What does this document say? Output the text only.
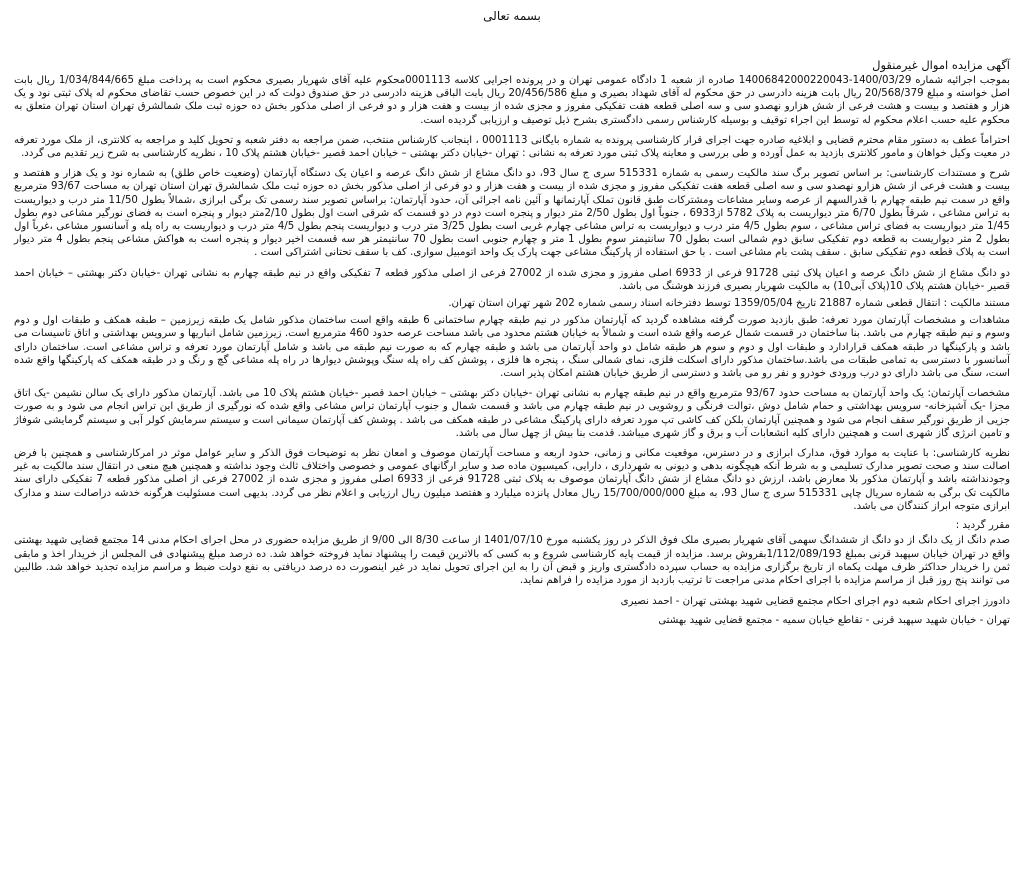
بسمه تعالی
آگهی مزایده اموال غیرمنقول

بموجب اجرائیه شماره 1400/03/29-14006842000220043 صادره از شعبه 1 دادگاه عمومی تهران و در پرونده اجرایی کلاسه 0001113محکوم علیه آقای شهریار بصیری محکوم است به پرداخت مبلغ 1/034/844/665 ریال بابت اصل خواسته و مبلغ 20/568/379 ریال بابت هزینه دادرسی در حق محکوم له آقای شهداد بصیری و مبلغ 20/456/586 ریال بابت الباقی هزینه دادرسی در حق صندوق دولت که در این خصوص حسب تقاضای محکوم له پلاک ثبتی نود و یک هزار و هفتصد و بیست و هشت فرعی از شش هزارو نهصدو سی و سه اصلی قطعه هفت تفکیکی مفروز و مجزی شده از بیست و هفت هزار و دو فرعی از اصلی مذکور بخش ده حوزه ثبت ملک شمالشرق تهران استان تهران متعلق به محکوم علیه حسب اعلام محکوم له توسط این اجراء توقیف و بوسیله کارشناس رسمی دادگستری بشرح ذیل توصیف و ارزیابی گردیده است.

احتراماً عطف به دستور مقام محترم قضایی و ابلاغیه صادره جهت اجرای قرار کارشناسی پرونده به شماره بایگانی 0001113 ، اینجانب کارشناس منتخب، ضمن مراجعه به دفتر شعبه و تحویل کلید و مراجعه به کلانتری، از ملک مورد تعرفه در معیت وکیل خواهان و مامور کلانتری بازدید به عمل آورده و طی بررسی و معاینه پلاک ثبتی مورد تعرفه به نشانی : تهران -خیابان دکتر بهشتی – خیابان احمد قصیر -خیابان هشتم پلاک 10 ، نظریه کارشناسی به شرح زیر تقدیم می گردد.

شرح و مستندات کارشناسی: بر اساس تصویر برگ سند مالکیت رسمی به شماره 515331 سری ج سال 93، دو دانگ مشاع از شش دانگ عرصه و اعیان یک دستگاه آپارتمان (وضعیت خاص طلق) به شماره نود و یک هزار و هفتصد و بیست و هشت فرعی از شش هزارو نهصدو سی و سه اصلی قطعه هفت تفکیکی مفروز و مجزی شده از بیست و هفت هزار و دو فرعی از اصلی مذکور بخش ده حوزه ثبت ملک شمالشرق تهران استان تهران به مساحت 93/67 مترمربع واقع در سمت نیم طبقه چهارم با قدرالسهم از عرصه وسایر مشاعات ومشترکات طبق قانون تملک آپارتمانها و آئین نامه اجرائی آن، حدود آپارتمان: براساس تصویر سند رسمی تک برگی ابرازی ،شمالاً بطول 11/50 متر درب و دیواریست به تراس مشاعی ، شرقاً بطول 6/70 متر دیواریست به پلاک 5782 از6933 ، جنوباً اول بطول 2/50 متر دیوار و پنجره است دوم در دو قسمت که شرقی است اول بطول 2/10متر دیوار و پنجره است به فضای نورگیر مشاعی دوم بطول 1/45 متر دیواریست به فضای تراس مشاعی ، سوم بطول 4/5 متر درب و دیواریست به تراس مشاعی چهارم غربی است بطول 3/25 متر درب و دیواریست پنجم بطول 4/5 متر درب و دیواریست به راه پله و آسانسور مشاعی ،غرباً اول بطول 2 متر دیواریست به قطعه دوم تفکیکی سابق دوم شمالی است بطول 70 سانتیمتر سوم بطول 1 متر و چهارم جنوبی است بطول 70 سانتیمتر هر سه قسمت اخیر دیوار و پنجره است به هواکش مشاعی پنجم بطول 4 متر دیوار است به پلاک قطعه دوم تفکیکی سابق . سقف پشت بام مشاعی است . با حق استفاده از پارکینگ مشاعی جهت پارک یک واحد اتومبیل سواری. کف با سقف تحتانی اشتراکی است .

دو دانگ مشاع از شش دانگ عرصه و اعیان پلاک ثبتی 91728 فرعی از 6933 اصلی مفروز و مجزی شده از 27002 فرعی از اصلی مذکور قطعه 7 تفکیکی واقع در نیم طبقه چهارم به نشانی تهران -خیابان دکتر بهشتی – خیابان احمد قصیر -خیابان هشتم پلاک 10(پلاک آبی10) به مالکیت شهریار بصیری فرزند هوشنگ می باشد.

مستند مالکیت : انتقال قطعی شماره 21887 تاریخ 1359/05/04 توسط دفترخانه اسناد رسمی شماره 202 شهر تهران استان تهران.

مشاهدات و مشخصات آپارتمان مورد تعرفه: طبق بازدید صورت گرفته مشاهده گردید که آپارتمان مذکور در نیم طبقه چهارم ساختمانی 6 طبقه واقع است ساختمان مذکور شامل یک طبقه زیرزمین – طبقه همکف و طبقات اول و دوم وسوم و نیم طبقه چهارم می باشد. بنا ساختمان در قسمت شمال عرصه واقع شده است و شمالاً به خیابان هشتم محدود می باشد مساحت عرصه حدود 460 مترمربع است. زیرزمین شامل انباریها و سرویس بهداشتی و اتاق تاسیسات می باشد و پارکینگها در طبقه همکف قرارادارد و طبقات اول و دوم و سوم هر طبقه شامل دو واحد آپارتمان می باشد و طبقه چهارم که به صورت نیم طبقه می باشد و شامل آپارتمان مورد تعرفه و تراس مشاعی است. ساختمان دارای آسانسور با دسترسی به تمامی طبقات می باشد.ساختمان مذکور دارای اسکلت فلزی، نمای شمالی سنگ ، پنجره ها فلزی ، پوشش کف راه پله سنگ وپوشش دیوارها در راه پله مشاعی گچ و رنگ و در طبقه همکف که پارکینگها واقع شده است، سنگ می باشد دارای دو درب ورودی خودرو و نفر رو می باشد و دسترسی از طریق خیابان هشتم امکان پذیر است.

مشخصات آپارتمان: یک واحد آپارتمان به مساحت حدود 93/67 مترمربع واقع در نیم طبقه چهارم به نشانی تهران -خیابان دکتر بهشتی – خیابان احمد قصیر -خیابان هشتم پلاک 10 می باشد. آپارتمان مذکور دارای یک سالن نشیمن -یک اتاق مجزا -یک آشپزخانه- سرویس بهداشتی و حمام شامل دوش ،توالت فرنگی و روشویی در نیم طبقه چهارم می باشد و قسمت شمال و جنوب آپارتمان تراس مشاعی واقع شده که نورگیری از طریق این تراس انجام می شود و به صورت جزیی از طریق نورگیر سقف انجام می شود و همچنین آپارتمان بلکن کف کاشی تپ مورد تعرفه دارای پارکینگ مشاعی در طبقه همکف می باشد . پوشش کف آپارتمان سیمانی است و سیستم سرمایش کولر آبی و سیستم گرمایشی شوفاژ و تامین انرژی گاز شهری است و همچنین دارای کلیه انشعابات آب و برق و گاز شهری میباشد. قدمت بنا بیش از چهل سال می باشد.

نظریه کارشناسی: با عنایت به موارد فوق، مدارک ابرازی و در دسترس، موقعیت مکانی و زمانی، حدود اربعه و مساحت آپارتمان موصوف و امعان نظر به توضیحات فوق الذکر و سایر عوامل موثر در امرکارشناسی و همچنین با فرض اصالت سند و صحت تصویر مدارک تسلیمی و به شرط آنکه هیچگونه بدهی و دیونی به شهرداری ، دارایی، کمیسیون ماده صد و سایر ارگانهای عمومی و خصوصی واختلاف ثالث وجود نداشته و همچنین هیچ منعی در انتقال سند مالکیت به غیر وجودنداشته باشد و آپارتمان مذکور بلا معارض باشد، ارزش دو دانگ مشاع از شش دانگ آپارتمان موصوف به پلاک ثبتی 91728 فرعی از 6933 اصلی مفروز و مجزی شده از 27002 فرعی از اصلی مذکور قطعه 7 تفکیکی دارای سند مالکیت تک برگی به شماره سریال چاپی 515331 سری ج سال 93، به مبلغ 15/700/000/000 ریال معادل پانزده میلیارد و هفتصد میلیون ریال ارزیابی و اعلام نظر می گردد. بدیهی است مسئولیت هرگونه خدشه دراصالت سند و مدارک ابرازی متوجه ابراز کنندگان می باشد.

مقرر گردید :

صدم دانگ از یک دانگ از دو دانگ از ششدانگ سهمی آقای شهریار بصیری ملک فوق الذکر در روز یکشنبه مورخ 1401/07/10 از ساعت 8/30 الی 9/00 از طریق مزایده حضوری در محل اجرای احکام مدنی 14 مجتمع قضایی شهید بهشتی واقع در تهران خیابان سپهبد قرنی بمبلغ 1/112/089/193بفروش برسد. مزایده از قیمت پایه کارشناسی شروع و به کسی که بالاترین قیمت را پیشنهاد نماید فروخته خواهد شد. ده درصد مبلغ پیشنهادی فی المجلس از خریدار اخذ و مابقی ثمن را خریدار حداکثر ظرف مهلت یکماه از تاریخ برگزاری مزایده به حساب سپرده دادگستری واریز و قبض آن را به این اجرای تحویل نماید در غیر اینصورت ده درصد دریافتی به نفع دولت ضبط و مراسم مزایده تجدید خواهد شد. طالبین می توانند پنج روز قبل از مراسم مزایده با اجرای احکام مدنی مراجعت تا ترتیب بازدید از مورد مزایده را فراهم نماید.

دادورز اجرای احکام شعبه دوم اجرای احکام مجتمع قضایی شهید بهشتی تهران - احمد نصیری
تهران - خیابان شهید سپهبد قرنی - تقاطع خیابان سمیه - مجتمع قضایی شهید بهشتی
